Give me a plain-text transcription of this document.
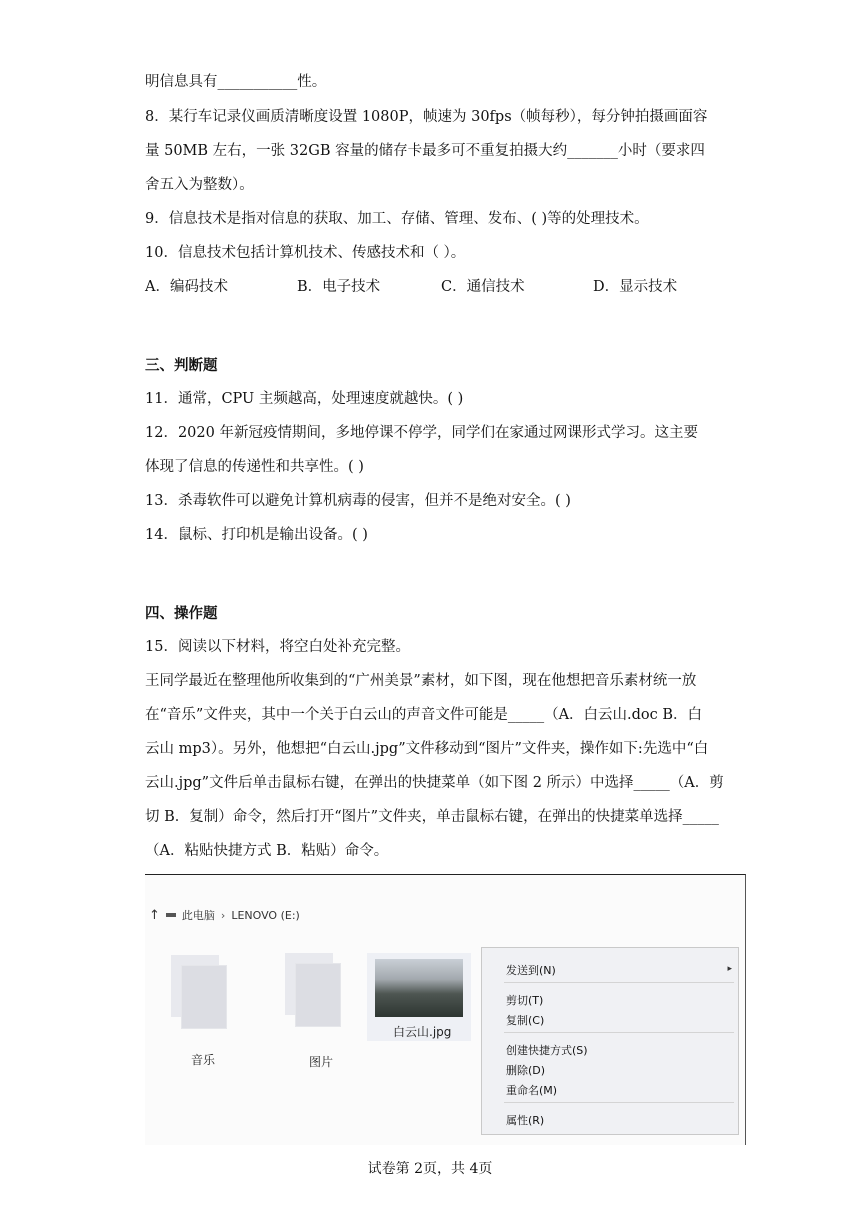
明信息具有___________性。
8．某行车记录仪画质清晰度设置 1080P，帧速为 30fps（帧每秒），每分钟拍摄画面容
量 50MB 左右，一张 32GB 容量的储存卡最多可不重复拍摄大约_______小时（要求四
舍五入为整数）。
9．信息技术是指对信息的获取、加工、存储、管理、发布、( )等的处理技术。
10．信息技术包括计算机技术、传感技术和（ ）。
A．编码技术	B．电子技术	C．通信技术	D．显示技术
三、判断题
11．通常，CPU 主频越高，处理速度就越快。( )
12．2020 年新冠疫情期间，多地停课不停学，同学们在家通过网课形式学习。这主要
体现了信息的传递性和共享性。( )
13．杀毒软件可以避免计算机病毒的侵害，但并不是绝对安全。( )
14．鼠标、打印机是输出设备。( )
四、操作题
15．阅读以下材料，将空白处补充完整。
王同学最近在整理他所收集到的“广州美景”素材，如下图，现在他想把音乐素材统一放
在“音乐”文件夹，其中一个关于白云山的声音文件可能是_____（A．白云山.doc B．白
云山 mp3）。另外，他想把“白云山.jpg”文件移动到“图片”文件夹，操作如下:先选中“白
云山.jpg”文件后单击鼠标右键，在弹出的快捷菜单（如下图 2 所示）中选择_____（A．剪
切 B．复制）命令，然后打开“图片”文件夹，单击鼠标右键，在弹出的快捷菜单选择_____
（A．粘贴快捷方式 B．粘贴）命令。
↑ 此电脑 › LENOVO (E:)
音乐	图片
白云山.jpg
发送到(N)	▸
剪切(T)
复制(C)
创建快捷方式(S)
删除(D)
重命名(M)
属性(R)
试卷第 2页，共 4页
